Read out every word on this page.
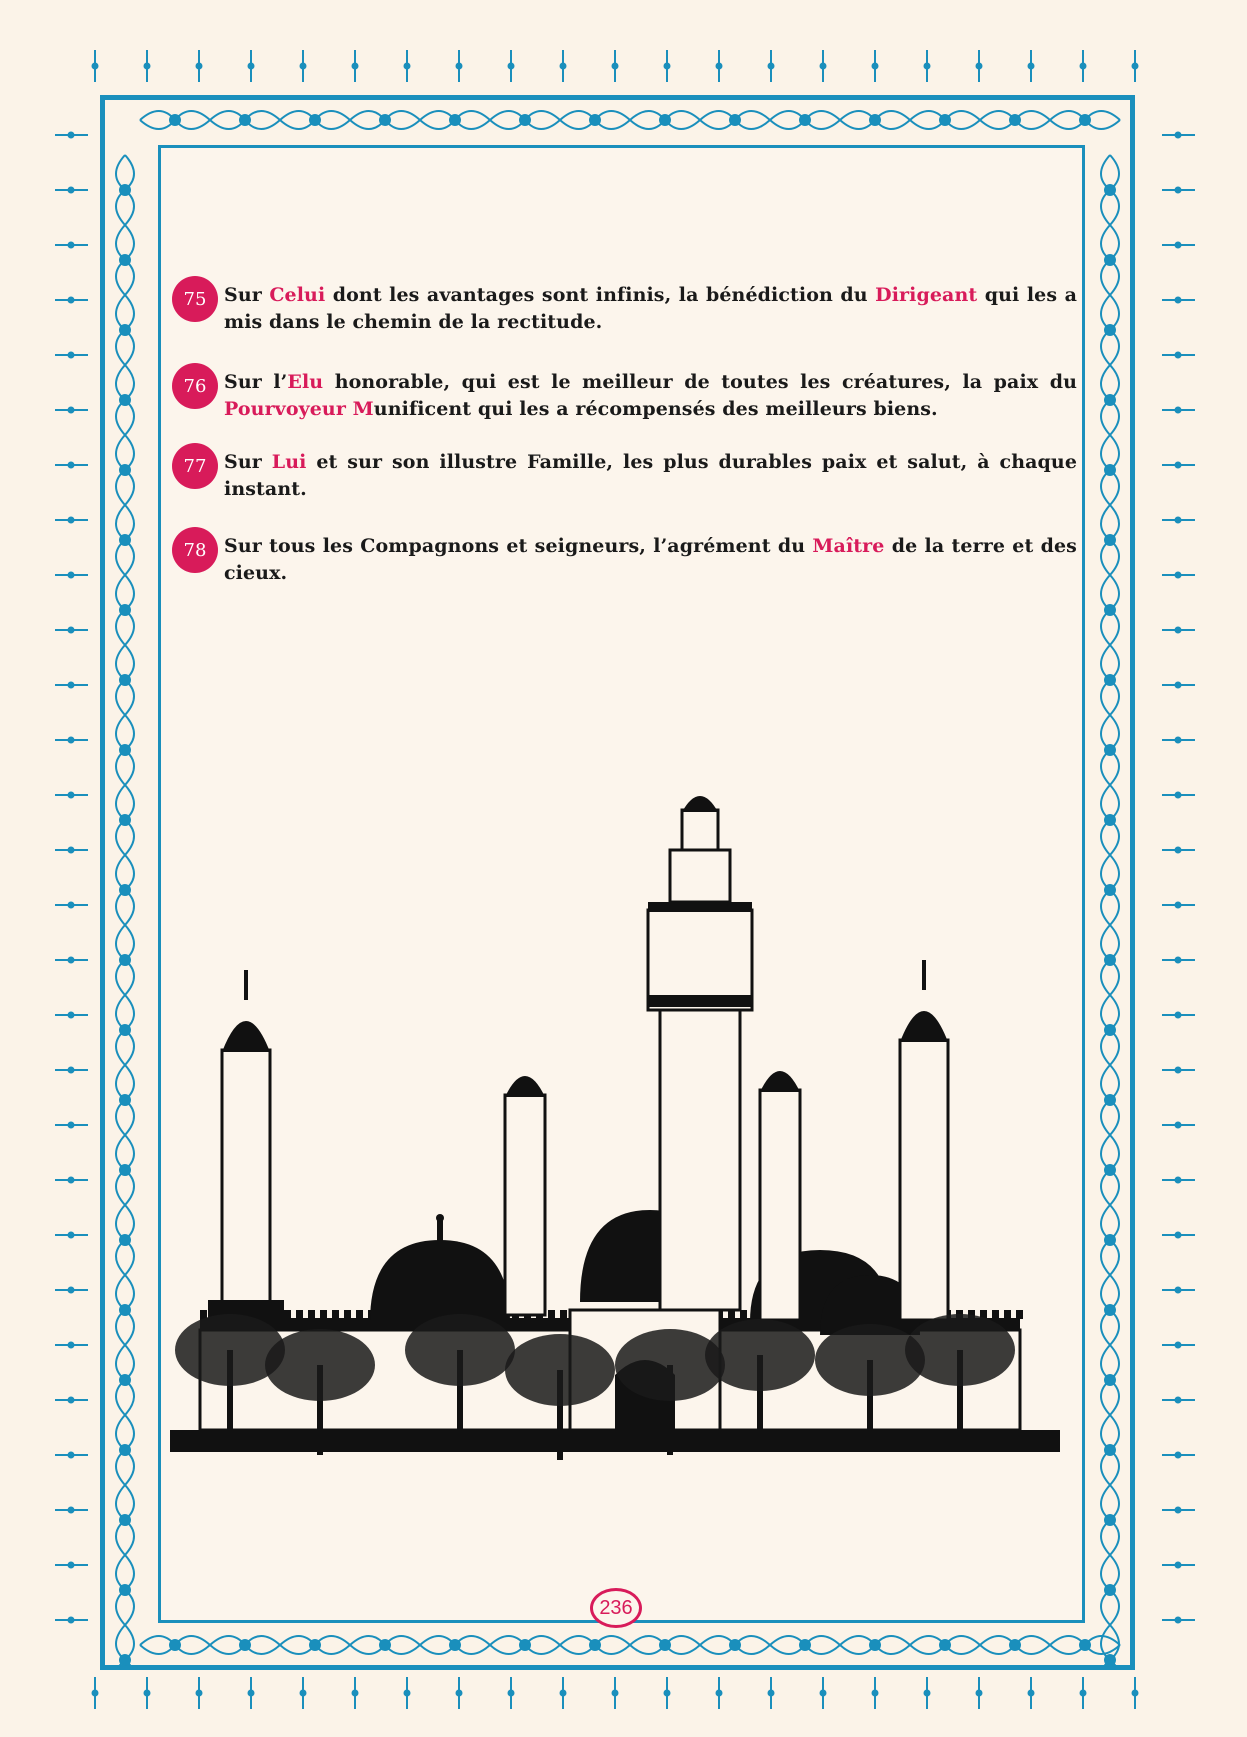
75 Sur Celui dont les avantages sont infinis, la bénédiction du Dirigeant qui les a mis dans le chemin de la rectitude.
76 Sur l’Elu honorable, qui est le meilleur de toutes les créatures, la paix du Pourvoyeur Munificent qui les a récompensés des meilleurs biens.
77 Sur Lui et sur son illustre Famille, les plus durables paix et salut, à chaque instant.
78 Sur tous les Compagnons et seigneurs, l’agrément du Maître de la terre et des cieux.
236
